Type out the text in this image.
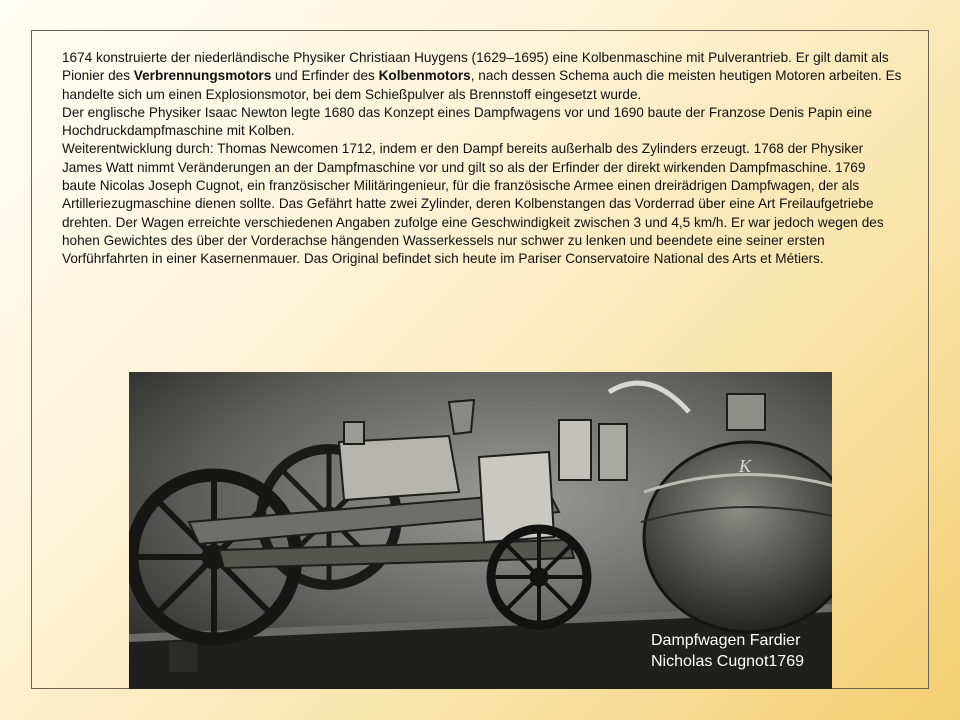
1674 konstruierte der niederländische Physiker Christiaan Huygens (1629–1695) eine Kolbenmaschine mit Pulverantrieb. Er gilt damit als Pionier des Verbrennungsmotors und Erfinder des Kolbenmotors, nach dessen Schema auch die meisten heutigen Motoren arbeiten. Es handelte sich um einen Explosionsmotor, bei dem Schießpulver als Brennstoff eingesetzt wurde.

Der englische Physiker Isaac Newton legte 1680 das Konzept eines Dampfwagens vor und 1690 baute der Franzose Denis Papin eine Hochdruckdampfmaschine mit Kolben.

Weiterentwicklung durch: Thomas Newcomen 1712, indem er den Dampf bereits außerhalb des Zylinders erzeugt. 1768 der Physiker James Watt nimmt Veränderungen an der Dampfmaschine vor und gilt so als der Erfinder der direkt wirkenden Dampfmaschine. 1769 baute Nicolas Joseph Cugnot, ein französischer Militäringenieur, für die französische Armee einen dreirädrigen Dampfwagen, der als Artilleriezugmaschine dienen sollte. Das Gefährt hatte zwei Zylinder, deren Kolbenstangen das Vorderrad über eine Art Freilaufgetriebe drehten. Der Wagen erreichte verschiedenen Angaben zufolge eine Geschwindigkeit zwischen 3 und 4,5 km/h. Er war jedoch wegen des hohen Gewichtes des über der Vorderachse hängenden Wasserkessels nur schwer zu lenken und beendete eine seiner ersten Vorführfahrten in einer Kasernenmauer. Das Original befindet sich heute im Pariser Conservatoire National des Arts et Métiers.

K
Dampfwagen Fardier
Nicholas Cugnot1769
